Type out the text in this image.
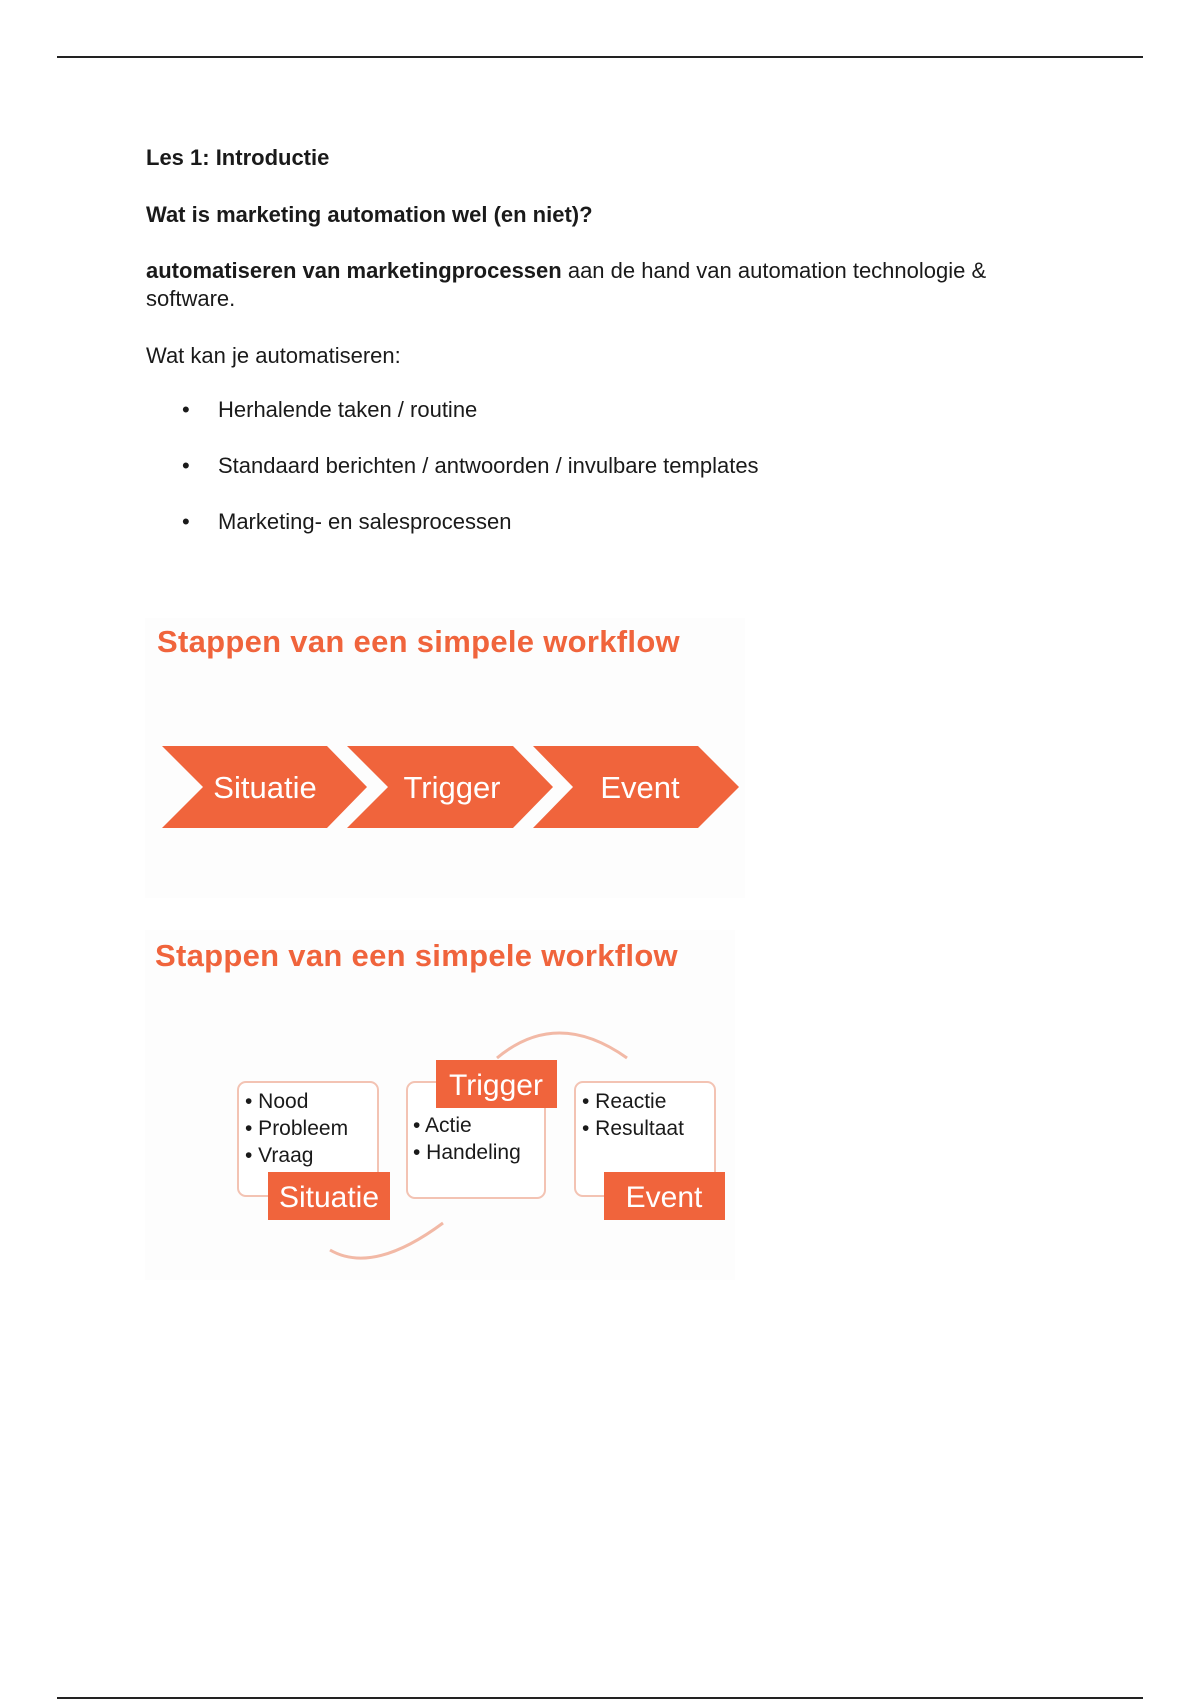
Les 1: Introductie

Wat is marketing automation wel (en niet)?

automatiseren van marketingprocessen aan de hand van automation technologie & software.
Wat kan je automatiseren:
• Herhalende taken / routine
• Standaard berichten / antwoorden / invulbare templates
• Marketing- en salesprocessen
Stappen van een simpele workflow
Situatie	Trigger	Event
Stappen van een simpele workflow
• Nood
• Probleem
• Vraag
• Actie
• Handeling
• Reactie
• Resultaat
Trigger
Situatie	Event
